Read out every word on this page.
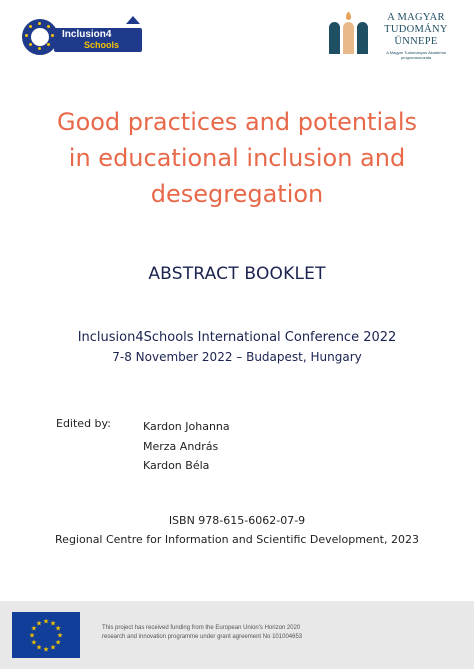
Inclusion4
Schools
A MAGYAR
TUDOMÁNY
ÜNNEPE
A Magyar Tudományos Akadémia
programsorozata
Good practices and potentials
in educational inclusion and
desegregation
ABSTRACT BOOKLET
Inclusion4Schools International Conference 2022
7-8 November 2022 – Budapest, Hungary
Edited by:	Kardon Johanna
Merza András
Kardon Béla
ISBN 978-615-6062-07-9
Regional Centre for Information and Scientific Development, 2023
★ ★
★
★
★
★
★
★
★
★
★
★
This project has received funding from the European Union's Horizon 2020
research and innovation programme under grant agreement No 101004653
